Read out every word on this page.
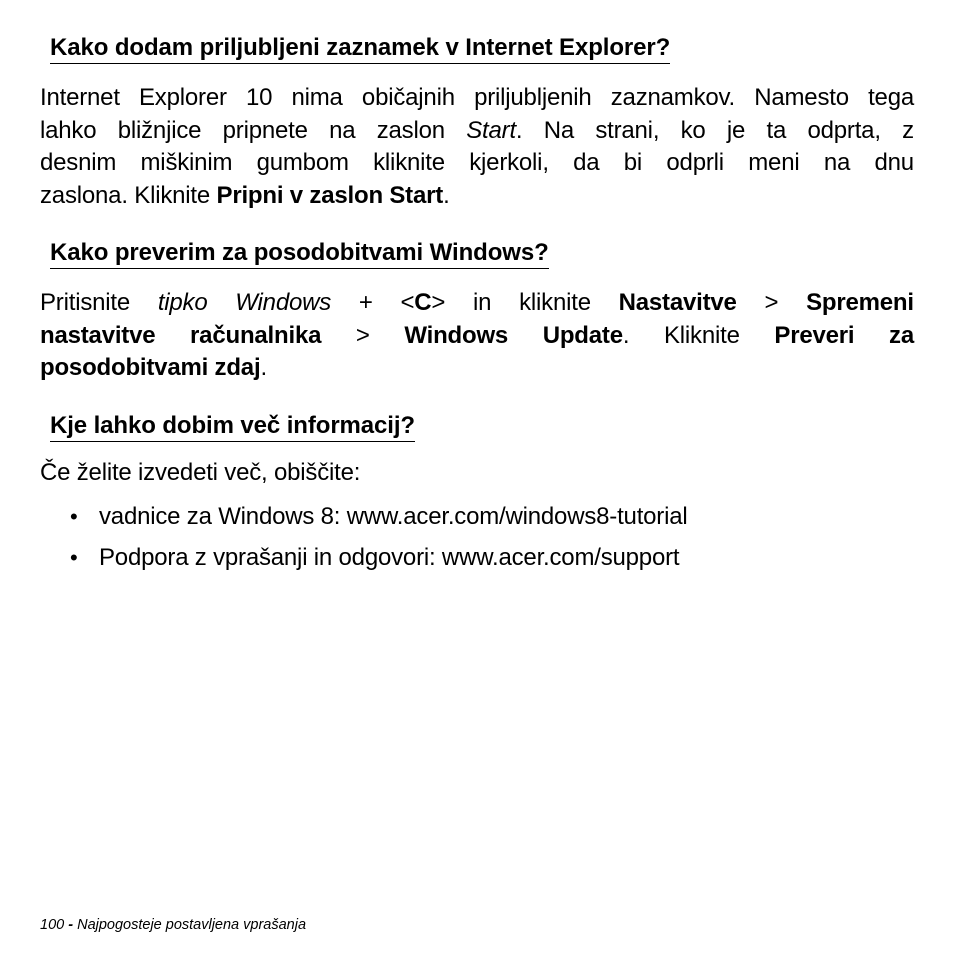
Kako dodam priljubljeni zaznamek v Internet Explorer?
Internet Explorer 10 nima običajnih priljubljenih zaznamkov. Namesto tega
lahko bližnjice pripnete na zaslon Start. Na strani, ko je ta odprta, z
desnim miškinim gumbom kliknite kjerkoli, da bi odprli meni na dnu
zaslona. Kliknite Pripni v zaslon Start.
Kako preverim za posodobitvami Windows?
Pritisnite tipko Windows + <C> in kliknite Nastavitve > Spremeni
nastavitve računalnika > Windows Update. Kliknite Preveri za
posodobitvami zdaj.
Kje lahko dobim več informacij?
Če želite izvedeti več, obiščite:
• vadnice za Windows 8: www.acer.com/windows8-tutorial
• Podpora z vprašanji in odgovori: www.acer.com/support
100 - Najpogosteje postavljena vprašanja
